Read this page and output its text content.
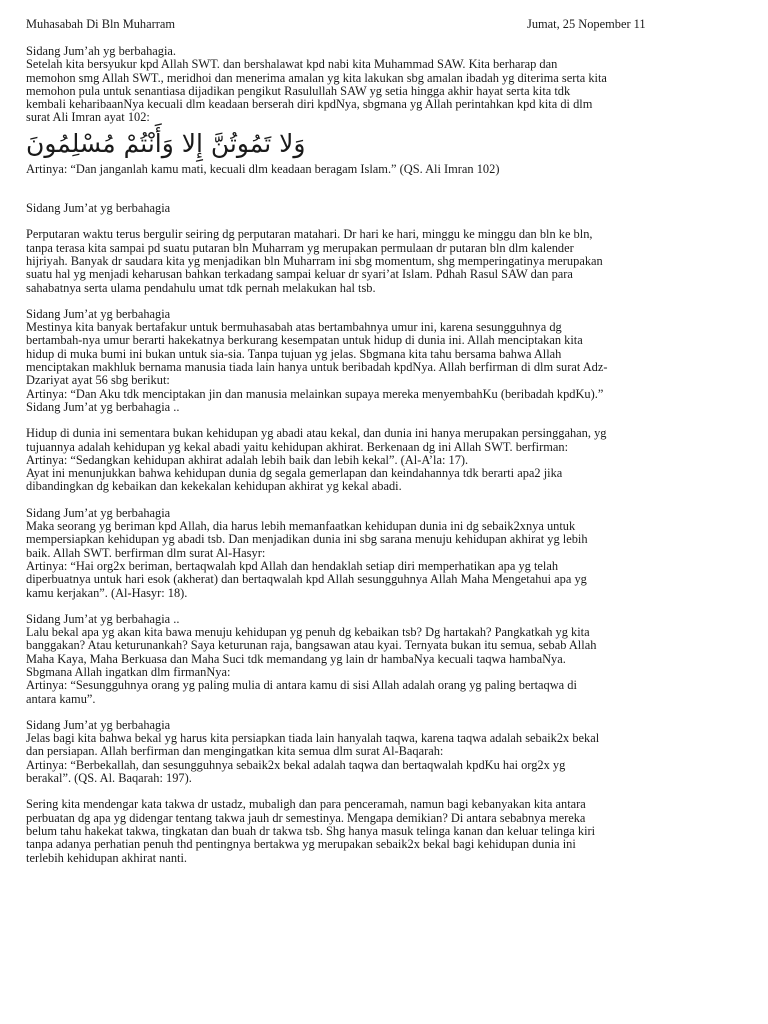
Muhasabah Di Bln Muharram	Jumat, 25 Nopember 11

Sidang Jum’ah yg berbahagia.

Setelah kita bersyukur kpd Allah SWT. dan bershalawat kpd nabi kita Muhammad SAW. Kita berharap dan

memohon smg Allah SWT., meridhoi dan menerima amalan yg kita lakukan sbg amalan ibadah yg diterima serta kita

memohon pula untuk senantiasa dijadikan pengikut Rasulullah SAW yg setia hingga akhir hayat serta kita tdk

kembali keharibaanNya kecuali dlm keadaan berserah diri kpdNya, sbgmana yg Allah perintahkan kpd kita di dlm

surat Ali Imran ayat 102:

وَلا تَمُوتُنَّ إِلا وَأَنْتُمْ مُسْلِمُونَ

Artinya: “Dan janganlah kamu mati, kecuali dlm keadaan beragam Islam.” (QS. Ali Imran 102)

Sidang Jum’at yg berbahagia

Perputaran waktu terus bergulir seiring dg perputaran matahari. Dr hari ke hari, minggu ke minggu dan bln ke bln,

tanpa terasa kita sampai pd suatu putaran bln Muharram yg merupakan permulaan dr putaran bln dlm kalender

hijriyah. Banyak dr saudara kita yg menjadikan bln Muharram ini sbg momentum, shg memperingatinya merupakan

suatu hal yg menjadi keharusan bahkan terkadang sampai keluar dr syari’at Islam. Pdhah Rasul SAW dan para

sahabatnya serta ulama pendahulu umat tdk pernah melakukan hal tsb.

Sidang Jum’at yg berbahagia

Mestinya kita banyak bertafakur untuk bermuhasabah atas bertambahnya umur ini, karena sesungguhnya dg

bertambah-nya umur berarti hakekatnya berkurang kesempatan untuk hidup di dunia ini. Allah menciptakan kita

hidup di muka bumi ini bukan untuk sia-sia. Tanpa tujuan yg jelas. Sbgmana kita tahu bersama bahwa Allah

menciptakan makhluk bernama manusia tiada lain hanya untuk beribadah kpdNya. Allah berfirman di dlm surat Adz-

Dzariyat ayat 56 sbg berikut:

Artinya: “Dan Aku tdk menciptakan jin dan manusia melainkan supaya mereka menyembahKu (beribadah kpdKu).”

Sidang Jum’at yg berbahagia ..

Hidup di dunia ini sementara bukan kehidupan yg abadi atau kekal, dan dunia ini hanya merupakan persinggahan, yg

tujuannya adalah kehidupan yg kekal abadi yaitu kehidupan akhirat. Berkenaan dg ini Allah SWT. berfirman:

Artinya: “Sedangkan kehidupan akhirat adalah lebih baik dan lebih kekal”. (Al-A’la: 17).

Ayat ini menunjukkan bahwa kehidupan dunia dg segala gemerlapan dan keindahannya tdk berarti apa2 jika

dibandingkan dg kebaikan dan kekekalan kehidupan akhirat yg kekal abadi.

Sidang Jum’at yg berbahagia

Maka seorang yg beriman kpd Allah, dia harus lebih memanfaatkan kehidupan dunia ini dg sebaik2xnya untuk

mempersiapkan kehidupan yg abadi tsb. Dan menjadikan dunia ini sbg sarana menuju kehidupan akhirat yg lebih

baik. Allah SWT. berfirman dlm surat Al-Hasyr:

Artinya: “Hai org2x beriman, bertaqwalah kpd Allah dan hendaklah setiap diri memperhatikan apa yg telah

diperbuatnya untuk hari esok (akherat) dan bertaqwalah kpd Allah sesungguhnya Allah Maha Mengetahui apa yg

kamu kerjakan”. (Al-Hasyr: 18).

Sidang Jum’at yg berbahagia ..

Lalu bekal apa yg akan kita bawa menuju kehidupan yg penuh dg kebaikan tsb? Dg hartakah? Pangkatkah yg kita

banggakan? Atau keturunankah? Saya keturunan raja, bangsawan atau kyai. Ternyata bukan itu semua, sebab Allah

Maha Kaya, Maha Berkuasa dan Maha Suci tdk memandang yg lain dr hambaNya kecuali taqwa hambaNya.

Sbgmana Allah ingatkan dlm firmanNya:

Artinya: “Sesungguhnya orang yg paling mulia di antara kamu di sisi Allah adalah orang yg paling bertaqwa di

antara kamu”.

Sidang Jum’at yg berbahagia

Jelas bagi kita bahwa bekal yg harus kita persiapkan tiada lain hanyalah taqwa, karena taqwa adalah sebaik2x bekal

dan persiapan. Allah berfirman dan mengingatkan kita semua dlm surat Al-Baqarah:

Artinya: “Berbekallah, dan sesungguhnya sebaik2x bekal adalah taqwa dan bertaqwalah kpdKu hai org2x yg

berakal”. (QS. Al. Baqarah: 197).

Sering kita mendengar kata takwa dr ustadz, mubaligh dan para penceramah, namun bagi kebanyakan kita antara

perbuatan dg apa yg didengar tentang takwa jauh dr semestinya. Mengapa demikian? Di antara sebabnya mereka

belum tahu hakekat takwa, tingkatan dan buah dr takwa tsb. Shg hanya masuk telinga kanan dan keluar telinga kiri

tanpa adanya perhatian penuh thd pentingnya bertakwa yg merupakan sebaik2x bekal bagi kehidupan dunia ini

terlebih kehidupan akhirat nanti.
